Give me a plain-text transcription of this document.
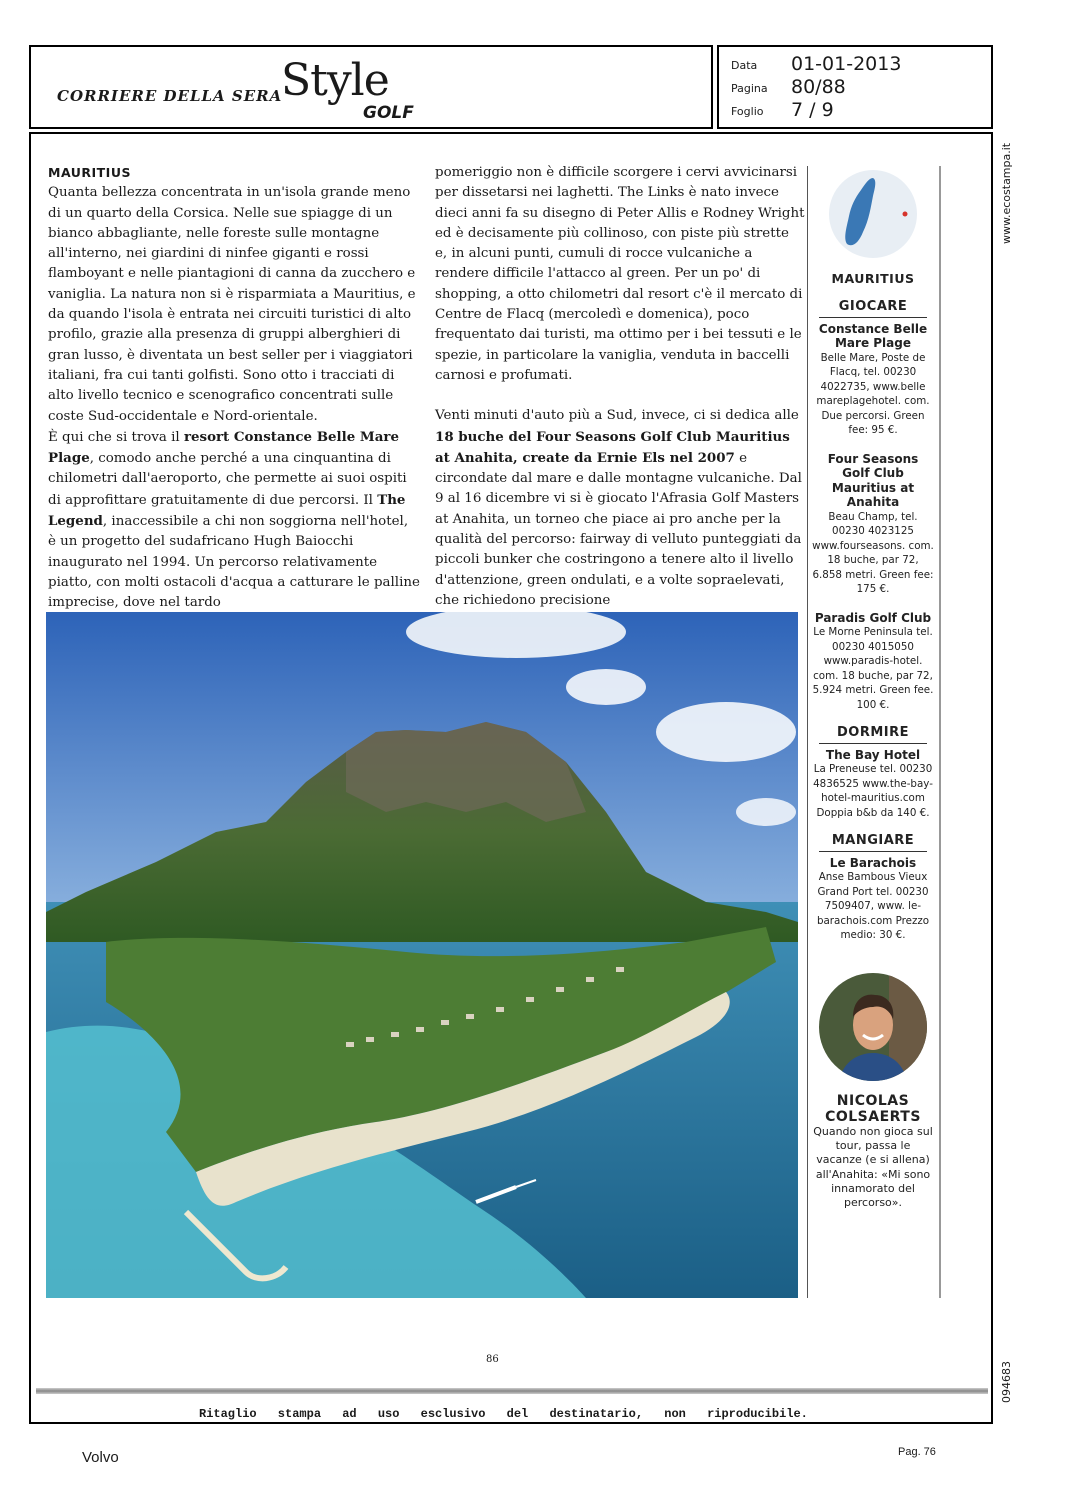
CORRIERE DELLA SERA
Style
GOLF
Data	01-01-2013
Pagina	80/88
Foglio	7 / 9
www.ecostampa.it
094683

MAURITIUS

Quanta bellezza concentrata in un'isola grande meno di un quarto della Corsica. Nelle sue spiagge di un bianco abbagliante, nelle foreste sulle montagne all'interno, nei giardini di ninfee giganti e rossi flamboyant e nelle piantagioni di canna da zucchero e vaniglia. La natura non si è risparmiata a Mauritius, e da quando l'isola è entrata nei circuiti turistici di alto profilo, grazie alla presenza di gruppi alberghieri di gran lusso, è diventata un best seller per i viaggiatori italiani, fra cui tanti golfisti. Sono otto i tracciati di alto livello tecnico e scenografico concentrati sulle coste Sud-occidentale e Nord-orientale.

È qui che si trova il resort Constance Belle Mare Plage, comodo anche perché a una cinquantina di chilometri dall'aeroporto, che permette ai suoi ospiti di approfittare gratuitamente di due percorsi. Il The Legend, inaccessibile a chi non soggiorna nell'hotel, è un progetto del sudafricano Hugh Baiocchi inaugurato nel 1994. Un percorso relativamente piatto, con molti ostacoli d'acqua a catturare le palline imprecise, dove nel tardo

pomeriggio non è difficile scorgere i cervi avvicinarsi per dissetarsi nei laghetti. The Links è nato invece dieci anni fa su disegno di Peter Allis e Rodney Wright ed è decisamente più collinoso, con piste più strette e, in alcuni punti, cumuli di rocce vulcaniche a rendere difficile l'attacco al green. Per un po' di shopping, a otto chilometri dal resort c'è il mercato di Centre de Flacq (mercoledì e domenica), poco frequentato dai turisti, ma ottimo per i bei tessuti e le spezie, in particolare la vaniglia, venduta in baccelli carnosi e profumati.

Venti minuti d'auto più a Sud, invece, ci si dedica alle 18 buche del Four Seasons Golf Club Mauritius at Anahita, create da Ernie Els nel 2007 e circondate dal mare e dalle montagne vulcaniche. Dal 9 al 16 dicembre vi si è giocato l'Afrasia Golf Masters at Anahita, un torneo che piace ai pro anche per la qualità del percorso: fairway di velluto punteggiati da piccoli bunker che costringono a tenere alto il livello d'attenzione, green ondulati, e a volte sopraelevati, che richiedono precisione

MAURITIUS
GIOCARE
Constance Belle Mare Plage
Belle Mare, Poste de Flacq, tel. 00230 4022735, www.belle mareplagehotel. com. Due percorsi. Green fee: 95 €.
Four Seasons Golf Club Mauritius at Anahita
Beau Champ, tel. 00230 4023125 www.fourseasons. com. 18 buche, par 72, 6.858 metri. Green fee: 175 €.
Paradis Golf Club
Le Morne Peninsula tel. 00230 4015050 www.paradis-hotel. com. 18 buche, par 72, 5.924 metri. Green fee. 100 €.
DORMIRE
The Bay Hotel
La Preneuse tel. 00230 4836525 www.the-bay-hotel-mauritius.com Doppia b&b da 140 €.
MANGIARE
Le Barachois
Anse Bambous Vieux Grand Port tel. 00230 7509407, www. le-barachois.com Prezzo medio: 30 €.
NICOLAS COLSAERTS
Quando non gioca sul tour, passa le vacanze (e si allena) all'Anahita: «Mi sono innamorato del percorso».
86
Ritaglio stampa ad uso esclusivo del destinatario, non riproducibile.
Volvo	Pag. 76
